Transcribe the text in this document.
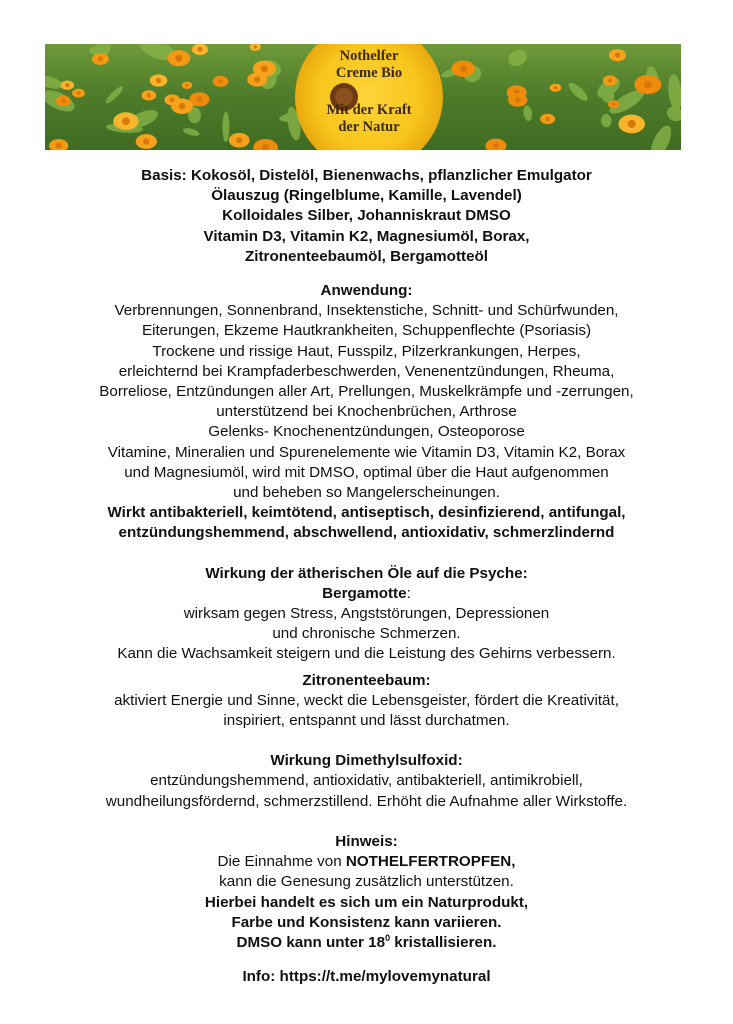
Nothelfer
Creme Bio
Mit der Kraft
der Natur
Basis: Kokosöl, Distelöl, Bienenwachs, pflanzlicher Emulgator
Ölauszug (Ringelblume, Kamille, Lavendel)
Kolloidales Silber, Johanniskraut DMSO
Vitamin D3, Vitamin K2, Magnesiumöl, Borax,
Zitronenteebaumöl, Bergamotteöl
Anwendung:
Verbrennungen, Sonnenbrand, Insektenstiche, Schnitt- und Schürfwunden,
Eiterungen, Ekzeme Hautkrankheiten, Schuppenflechte (Psoriasis)
Trockene und rissige Haut, Fusspilz, Pilzerkrankungen, Herpes,
erleichternd bei Krampfaderbeschwerden, Venenentzündungen, Rheuma,
Borreliose, Entzündungen aller Art, Prellungen, Muskelkrämpfe und -zerrungen,
unterstützend bei Knochenbrüchen, Arthrose
Gelenks- Knochenentzündungen, Osteoporose
Vitamine, Mineralien und Spurenelemente wie Vitamin D3, Vitamin K2, Borax
und Magnesiumöl, wird mit DMSO, optimal über die Haut aufgenommen
und beheben so Mangelerscheinungen.
Wirkt antibakteriell, keimtötend, antiseptisch, desinfizierend, antifungal,
entzündungshemmend, abschwellend, antioxidativ, schmerzlindernd
Wirkung der ätherischen Öle auf die Psyche:
Bergamotte:
wirksam gegen Stress, Angststörungen, Depressionen
und chronische Schmerzen.
Kann die Wachsamkeit steigern und die Leistung des Gehirns verbessern.
Zitronenteebaum:
aktiviert Energie und Sinne, weckt die Lebensgeister, fördert die Kreativität,
inspiriert, entspannt und lässt durchatmen.
Wirkung Dimethylsulfoxid:
entzündungshemmend, antioxidativ, antibakteriell, antimikrobiell,
wundheilungsfördernd, schmerzstillend. Erhöht die Aufnahme aller Wirkstoffe.
Hinweis:
Die Einnahme von NOTHELFERTROPFEN,
kann die Genesung zusätzlich unterstützen.
Hierbei handelt es sich um ein Naturprodukt,
Farbe und Konsistenz kann variieren.
DMSO kann unter $18^0$ kristallisieren.
Info: https://t.me/mylovemynatural
